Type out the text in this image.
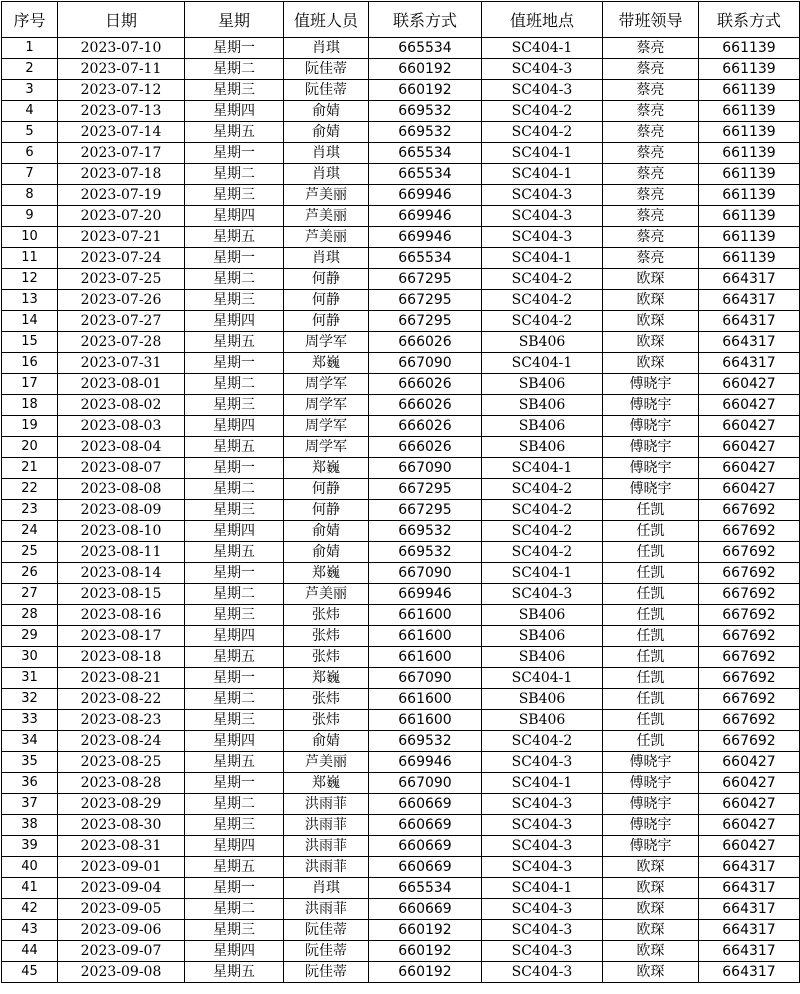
序号	日期	星期	值班人员	联系方式	值班地点	带班领导	联系方式
1	2023-07-10	星期一	肖琪	665534	SC404-1	蔡亮	661139
2	2023-07-11	星期二	阮佳蒂	660192	SC404-3	蔡亮	661139
3	2023-07-12	星期三	阮佳蒂	660192	SC404-3	蔡亮	661139
4	2023-07-13	星期四	俞婧	669532	SC404-2	蔡亮	661139
5	2023-07-14	星期五	俞婧	669532	SC404-2	蔡亮	661139
6	2023-07-17	星期一	肖琪	665534	SC404-1	蔡亮	661139
7	2023-07-18	星期二	肖琪	665534	SC404-1	蔡亮	661139
8	2023-07-19	星期三	芦美丽	669946	SC404-3	蔡亮	661139
9	2023-07-20	星期四	芦美丽	669946	SC404-3	蔡亮	661139
10	2023-07-21	星期五	芦美丽	669946	SC404-3	蔡亮	661139
11	2023-07-24	星期一	肖琪	665534	SC404-1	蔡亮	661139
12	2023-07-25	星期二	何静	667295	SC404-2	欧琛	664317
13	2023-07-26	星期三	何静	667295	SC404-2	欧琛	664317
14	2023-07-27	星期四	何静	667295	SC404-2	欧琛	664317
15	2023-07-28	星期五	周学军	666026	SB406	欧琛	664317
16	2023-07-31	星期一	郑巍	667090	SC404-1	欧琛	664317
17	2023-08-01	星期二	周学军	666026	SB406	傅晓宇	660427
18	2023-08-02	星期三	周学军	666026	SB406	傅晓宇	660427
19	2023-08-03	星期四	周学军	666026	SB406	傅晓宇	660427
20	2023-08-04	星期五	周学军	666026	SB406	傅晓宇	660427
21	2023-08-07	星期一	郑巍	667090	SC404-1	傅晓宇	660427
22	2023-08-08	星期二	何静	667295	SC404-2	傅晓宇	660427
23	2023-08-09	星期三	何静	667295	SC404-2	任凯	667692
24	2023-08-10	星期四	俞婧	669532	SC404-2	任凯	667692
25	2023-08-11	星期五	俞婧	669532	SC404-2	任凯	667692
26	2023-08-14	星期一	郑巍	667090	SC404-1	任凯	667692
27	2023-08-15	星期二	芦美丽	669946	SC404-3	任凯	667692
28	2023-08-16	星期三	张炜	661600	SB406	任凯	667692
29	2023-08-17	星期四	张炜	661600	SB406	任凯	667692
30	2023-08-18	星期五	张炜	661600	SB406	任凯	667692
31	2023-08-21	星期一	郑巍	667090	SC404-1	任凯	667692
32	2023-08-22	星期二	张炜	661600	SB406	任凯	667692
33	2023-08-23	星期三	张炜	661600	SB406	任凯	667692
34	2023-08-24	星期四	俞婧	669532	SC404-2	任凯	667692
35	2023-08-25	星期五	芦美丽	669946	SC404-3	傅晓宇	660427
36	2023-08-28	星期一	郑巍	667090	SC404-1	傅晓宇	660427
37	2023-08-29	星期二	洪雨菲	660669	SC404-3	傅晓宇	660427
38	2023-08-30	星期三	洪雨菲	660669	SC404-3	傅晓宇	660427
39	2023-08-31	星期四	洪雨菲	660669	SC404-3	傅晓宇	660427
40	2023-09-01	星期五	洪雨菲	660669	SC404-3	欧琛	664317
41	2023-09-04	星期一	肖琪	665534	SC404-1	欧琛	664317
42	2023-09-05	星期二	洪雨菲	660669	SC404-3	欧琛	664317
43	2023-09-06	星期三	阮佳蒂	660192	SC404-3	欧琛	664317
44	2023-09-07	星期四	阮佳蒂	660192	SC404-3	欧琛	664317
45	2023-09-08	星期五	阮佳蒂	660192	SC404-3	欧琛	664317
